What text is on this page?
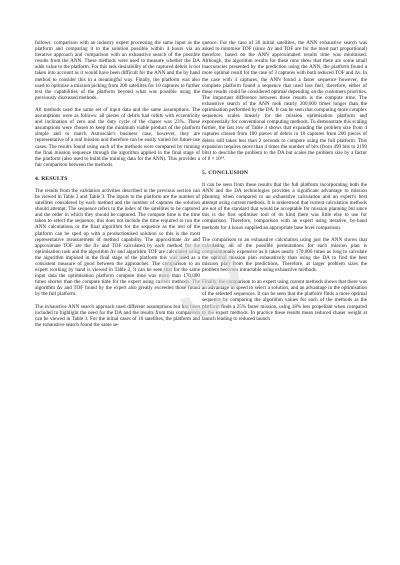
follows: comparison with an industry expert processing the same input as the platform and comparing it to the solution possible within 4 hours via an iterative approach and comparison with an exhaustive search of the possible results from the ANN. These methods were used to measure whether the DA adds value to the platform. For this task desirability of the captured debris is not taken into account as it would have been difficult for the ANN and the by hand method to consider this in a meaningful way. Finally, the platform was also used to optimise a mission picking from 200 satellites for 10 captures to further test the capabilities of the platform beyond what was possible using the previously discussed methods.

All methods used the same set of input data and the same assumptions. The assumptions were as follows: all pieces of debris had orbits with eccentricity and inclination of zero and the duty cycle of the chaser was 23%. These assumptions were chosen to keep the minimum viable product of the platform simple and to match Astroscale's business case, however, they are representative of a real mission and therefore can be easily varied for future use cases. The results found using each of the methods were compared by running the final mission sequence through the algorithm applied in the final stage of the platform (also used to build the training data for the ANN). This provides a fair comparison between the methods.

4. RESULTS

The results from the validation activities described in the previous section can be viewed in Table 2 and Table 3. The inputs to the platform are the number of satellites considered by each method and the number of captures the solution should attempt. The sequence refers to the index of the satellites to be captured and the order in which they should be captured. The compute time is the time taken to select the sequence, this does not include the time required to run the ANN calculations or the final algorithm for the sequence as the rest of the platform can be sped up with a productionised solution so this is the most representative measurement of method capability. The approximate Δv and approximate TOF are the Δv and TOF calculated by each method for the optimisation task and the algorithm Δv and algorithm TOF are calculated using the algorithm imposed in the final stage of the platform this was used as a consistent measure of good between the approaches. The comparison to an expert working by hand is viewed in Table 2, it can be seen that for the same input data the optimisation platform compute time was more than 170,000 times shorter than the compute time for the expert using current methods. The algorithm Δv and TOF found by the expert also greatly exceeded those found by the full platform.

The exhaustive ANN search approach used different assumptions but has been included to highlight the need for the DA and the results from this comparison can be viewed in Table 3. For the initial cases of 10 satellites, the platform and the exhaustive search found the same se-

quence. For the case of 20 initial satellites, the ANN exhaustive search was asked to minimise TOF (since Δv and TOF are for the most part proportional) therefore, based on the ANN approximated results time was minimised. Although, the algorithm results for these runs show that there are some small inaccuracies presented by the prediction using the ANN, the platform found a more optimal result for the case of 3 captures with both reduced TOF and Δv. In the case with 4 captures, the ANN found a faster sequence however, the complete platform found a sequence that used less fuel, therefore, either of these results could be considered optimal depending on the customers priorities. The important difference between these results is the compute time. The exhaustive search of the ANN took nearly 200,000 times longer than the optimisation performed by the DA. It can be seen that computing more complex sequences scales linearly for the mission optimisation platform and exponentially for conventional computing methods. To demonstrate this scaling further, the last row of Table 3 shows that expanding the problem size from 4 captures chosen from 100 pieces of debris to 10 captures from 200 pieces of debris still takes less than 2 seconds to compute using the full platform. This expansion requires more than 4 times the number of bits (from 499 bits to 2199 bits) to describe the problem to the DA but scales the problem size by a factor of 8 × 10¹⁴.

5. CONCLUSION

It can be seen from these results that the full platform incorporating both the ANN and the DA technologies provides a significant advantage to mission planning when compared to an exhaustive calculation and an expert's best attempt using current methods. It is understood that current calculation methods are not of the standard that would be acceptable for mission planning but since this is the first optimiser tool of its kind there was little else to use for comparison. Therefore, comparison with an expert using iterative, by-hand methods for 4 hours supplied an appropriate base level comparison.

The comparison to an exhaustive calculation using just the ANN shows that calculating all of the possible permutations for each mission plan is computationally expensive as it takes nearly 170,000 times as long to calculate the optimal mission plan exhaustively than using the DA to find the best mission plan from the predictions. Therefore, at larger problem sizes the problem becomes intractable using exhaustive methods.

Finally, the comparison to an expert using current methods shows that there was an advantage in speed to select a solution, and an advantage in the optimisation of the selected sequences. It can be seen that the platform finds a more optimal sequence by comparing the algorithm values for each of the methods as the platform finds a 25% faster mission, using 18% less propellant when compared to the expert methods. In practice these results mean reduced chaser weight at launch leading to reduced launch
